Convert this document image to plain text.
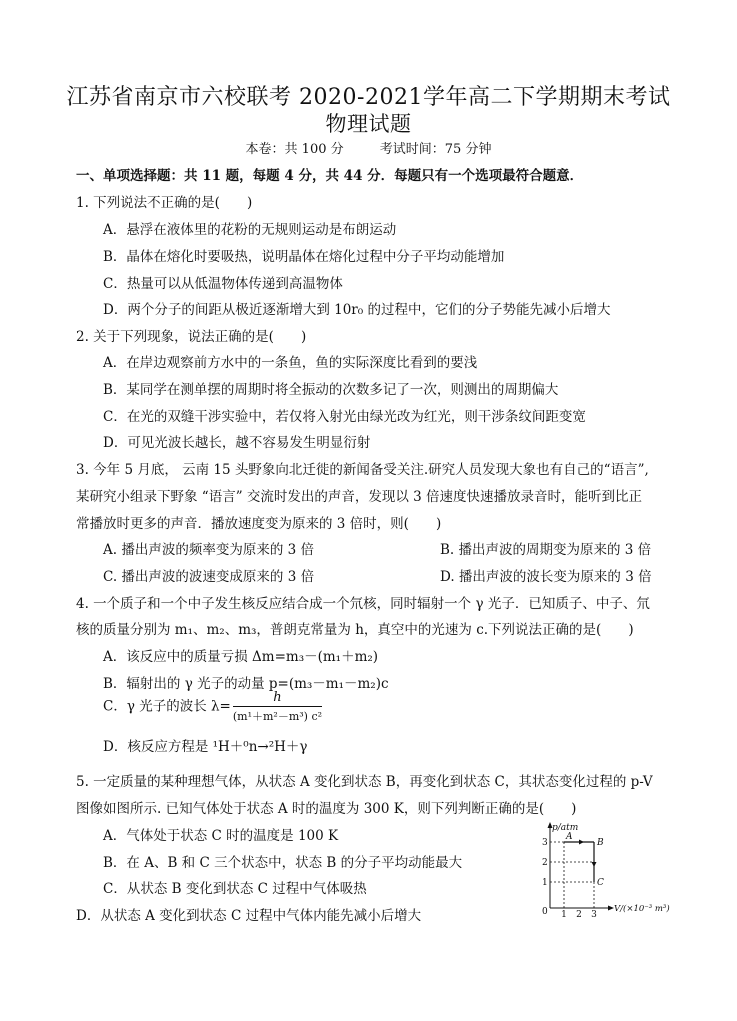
江苏省南京市六校联考 2020-2021学年高二下学期期末考试
物理试题
本卷：共 100 分	考试时间：75 分钟
一、单项选择题：共 11 题，每题 4 分，共 44 分．每题只有一个选项最符合题意．
1. 下列说法不正确的是(　　)
A．悬浮在液体里的花粉的无规则运动是布朗运动
B．晶体在熔化时要吸热，说明晶体在熔化过程中分子平均动能增加
C．热量可以从低温物体传递到高温物体
D．两个分子的间距从极近逐渐增大到 10r₀ 的过程中，它们的分子势能先减小后增大
2. 关于下列现象，说法正确的是(　　)
A．在岸边观察前方水中的一条鱼，鱼的实际深度比看到的要浅
B．某同学在测单摆的周期时将全振动的次数多记了一次，则测出的周期偏大
C．在光的双缝干涉实验中，若仅将入射光由绿光改为红光，则干涉条纹间距变宽
D．可见光波长越长，越不容易发生明显衍射
3. 今年 5 月底， 云南 15 头野象向北迁徙的新闻备受关注.研究人员发现大象也有自己的“语言”,
某研究小组录下野象 “语言” 交流时发出的声音，发现以 3 倍速度快速播放录音时，能听到比正
常播放时更多的声音．播放速度变为原来的 3 倍时，则(　　)
A. 播出声波的频率变为原来的 3 倍	B. 播出声波的周期变为原来的 3 倍
C. 播出声波的波速变成原来的 3 倍	D. 播出声波的波长变为原来的 3 倍
4. 一个质子和一个中子发生核反应结合成一个氘核，同时辐射一个 γ 光子．已知质子、中子、氘
核的质量分别为 m₁、m₂、m₃，普朗克常量为 h，真空中的光速为 c.下列说法正确的是(　　)
A．该反应中的质量亏损 Δm=m₃－(m₁＋m₂)
B．辐射出的 γ 光子的动量 p=(m₃－m₁－m₂)c
C．γ 光子的波长 $\lambda= \frac{h}{\text{(m¹＋m²－m³) c²}}$
D．核反应方程是 ¹H＋⁰n→²H＋γ
5. 一定质量的某种理想气体，从状态 A 变化到状态 B，再变化到状态 C，其状态变化过程的 p-V
图像如图所示. 已知气体处于状态 A 时的温度为 300 K，则下列判断正确的是(　　)
A．气体处于状态 C 时的温度是 100 K
B．在 A、B 和 C 三个状态中，状态 B 的分子平均动能最大
C．从状态 B 变化到状态 C 过程中气体吸热
D．从状态 A 变化到状态 C 过程中气体内能先减小后增大
p/atm
V/(×10⁻³ m³)
0 1 2 3
1
2
3
A
B
C
